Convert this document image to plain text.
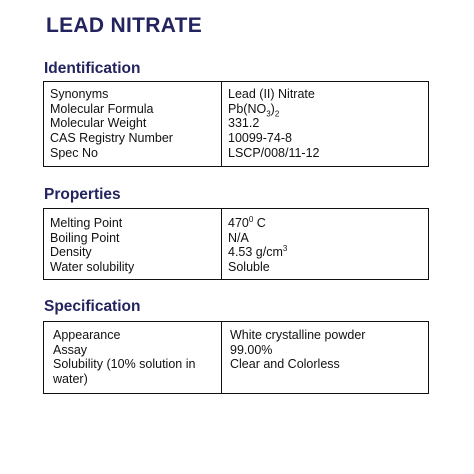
LEAD NITRATE
Identification
Synonyms
Molecular Formula
Molecular Weight
CAS Registry Number
Spec No
Lead (II) Nitrate
$Pb(NO_3)_2$
331.2
10099-74-8
LSCP/008/11-12
Properties
Melting Point
Boiling Point
Density
Water solubility
$470^0$ C
N/A
4.53 $g/cm^3$
Soluble
Specification
Appearance
Assay
Solubility (10% solution in water)
White crystalline powder
99.00%
Clear and Colorless
